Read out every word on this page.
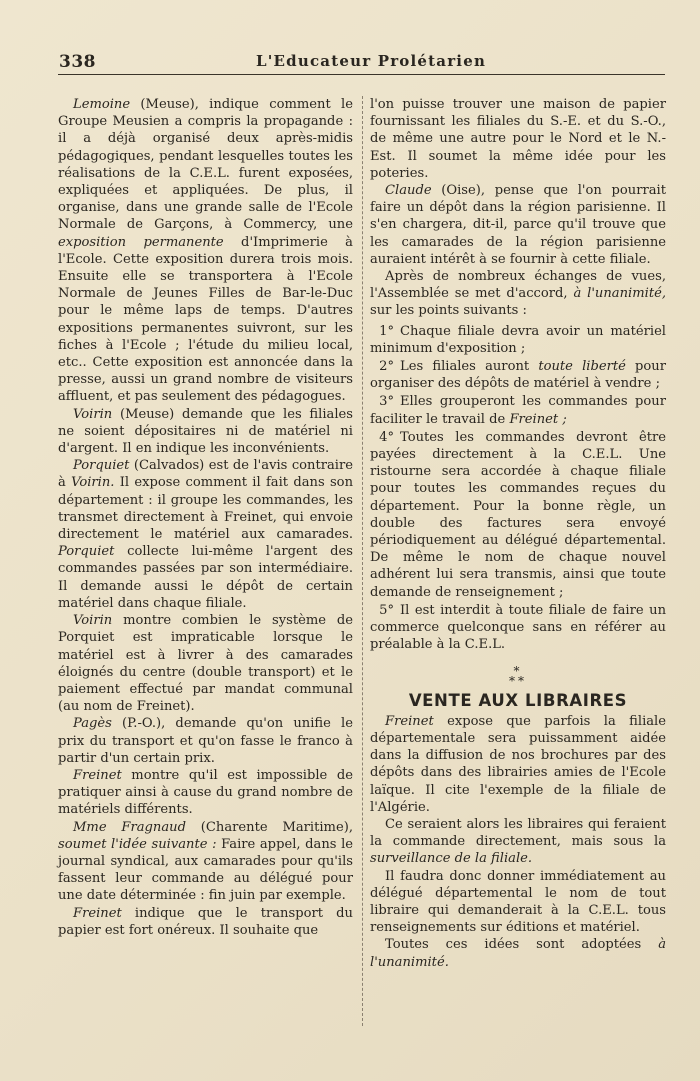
338	L'Educateur Prolétarien

Lemoine (Meuse), indique comment le Groupe Meusien a compris la propagande : il a déjà organisé deux après-midis pédagogiques, pendant lesquelles toutes les réalisations de la C.E.L. furent exposées, expliquées et appliquées. De plus, il organise, dans une grande salle de l'Ecole Normale de Garçons, à Commercy, une exposition permanente d'Imprimerie à l'Ecole. Cette exposition durera trois mois. Ensuite elle se transportera à l'Ecole Normale de Jeunes Filles de Bar-le-Duc pour le même laps de temps. D'autres expositions permanentes suivront, sur les fiches à l'Ecole ; l'étude du milieu local, etc.. Cette exposition est annoncée dans la presse, aussi un grand nombre de visiteurs affluent, et pas seulement des pédagogues.

Voirin (Meuse) demande que les filiales ne soient dépositaires ni de matériel ni d'argent. Il en indique les inconvénients.

Porquiet (Calvados) est de l'avis contraire à Voirin. Il expose comment il fait dans son département : il groupe les commandes, les transmet directement à Freinet, qui envoie directement le matériel aux camarades. Porquiet collecte lui-même l'argent des commandes passées par son intermédiaire. Il demande aussi le dépôt de certain matériel dans chaque filiale.

Voirin montre combien le système de Porquiet est impraticable lorsque le matériel est à livrer à des camarades éloignés du centre (double transport) et le paiement effectué par mandat communal (au nom de Freinet).

Pagès (P.-O.), demande qu'on unifie le prix du transport et qu'on fasse le franco à partir d'un certain prix.

Freinet montre qu'il est impossible de pratiquer ainsi à cause du grand nombre de matériels différents.

Mme Fragnaud (Charente Maritime), soumet l'idée suivante : Faire appel, dans le journal syndical, aux camarades pour qu'ils fassent leur commande au délégué pour une date déterminée : fin juin par exemple.

Freinet indique que le transport du papier est fort onéreux. Il souhaite que

l'on puisse trouver une maison de papier fournissant les filiales du S.-E. et du S.-O., de même une autre pour le Nord et le N.-Est. Il soumet la même idée pour les poteries.

Claude (Oise), pense que l'on pourrait faire un dépôt dans la région parisienne. Il s'en chargera, dit-il, parce qu'il trouve que les camarades de la région parisienne auraient intérêt à se fournir à cette filiale.

Après de nombreux échanges de vues, l'Assemblée se met d'accord, à l'unanimité, sur les points suivants :

1° Chaque filiale devra avoir un matériel minimum d'exposition ;
2° Les filiales auront toute liberté pour organiser des dépôts de matériel à vendre ;
3° Elles grouperont les commandes pour faciliter le travail de Freinet ;
4° Toutes les commandes devront être payées directement à la C.E.L. Une ristourne sera accordée à chaque filiale pour toutes les commandes reçues du département. Pour la bonne règle, un double des factures sera envoyé périodiquement au délégué départemental. De même le nom de chaque nouvel adhérent lui sera transmis, ainsi que toute demande de renseignement ;
5° Il est interdit à toute filiale de faire un commerce quelconque sans en référer au préalable à la C.E.L.
*
**
VENTE AUX LIBRAIRES

Freinet expose que parfois la filiale départementale sera puissamment aidée dans la diffusion de nos brochures par des dépôts dans des librairies amies de l'Ecole laïque. Il cite l'exemple de la filiale de l'Algérie.

Ce seraient alors les libraires qui feraient la commande directement, mais sous la surveillance de la filiale.

Il faudra donc donner immédiatement au délégué départemental le nom de tout libraire qui demanderait à la C.E.L. tous renseignements sur éditions et matériel.

Toutes ces idées sont adoptées à l'unanimité.
